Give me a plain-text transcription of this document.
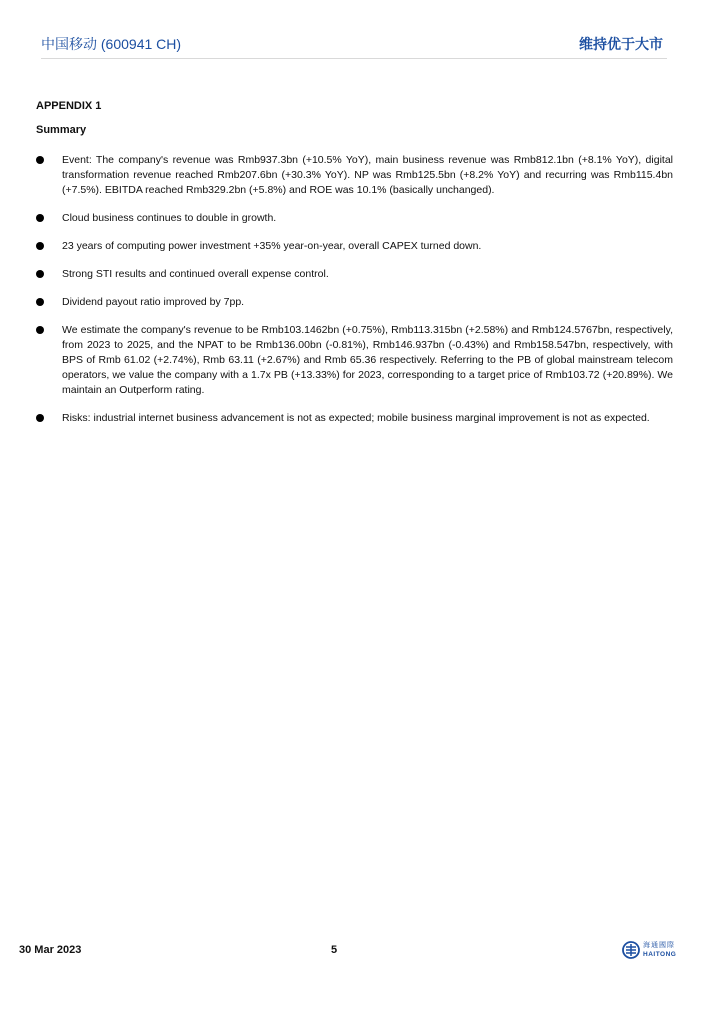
中国移动 (600941 CH)	维持优于大市

APPENDIX 1

Summary

Event: The company's revenue was Rmb937.3bn (+10.5% YoY), main business revenue was Rmb812.1bn (+8.1% YoY), digital transformation revenue reached Rmb207.6bn (+30.3% YoY). NP was Rmb125.5bn (+8.2% YoY) and recurring was Rmb115.4bn (+7.5%). EBITDA reached Rmb329.2bn (+5.8%) and ROE was 10.1% (basically unchanged).
Cloud business continues to double in growth.
23 years of computing power investment +35% year-on-year, overall CAPEX turned down.
Strong STI results and continued overall expense control.
Dividend payout ratio improved by 7pp.
We estimate the company's revenue to be Rmb103.1462bn (+0.75%), Rmb113.315bn (+2.58%) and Rmb124.5767bn, respectively, from 2023 to 2025, and the NPAT to be Rmb136.00bn (-0.81%), Rmb146.937bn (-0.43%) and Rmb158.547bn, respectively, with BPS of Rmb 61.02 (+2.74%), Rmb 63.11 (+2.67%) and Rmb 65.36 respectively. Referring to the PB of global mainstream telecom operators, we value the company with a 1.7x PB (+13.33%) for 2023, corresponding to a target price of Rmb103.72 (+20.89%). We maintain an Outperform rating.
Risks: industrial internet business advancement is not as expected; mobile business marginal improvement is not as expected.
30 Mar 2023	5	海通國際
HAITONG
